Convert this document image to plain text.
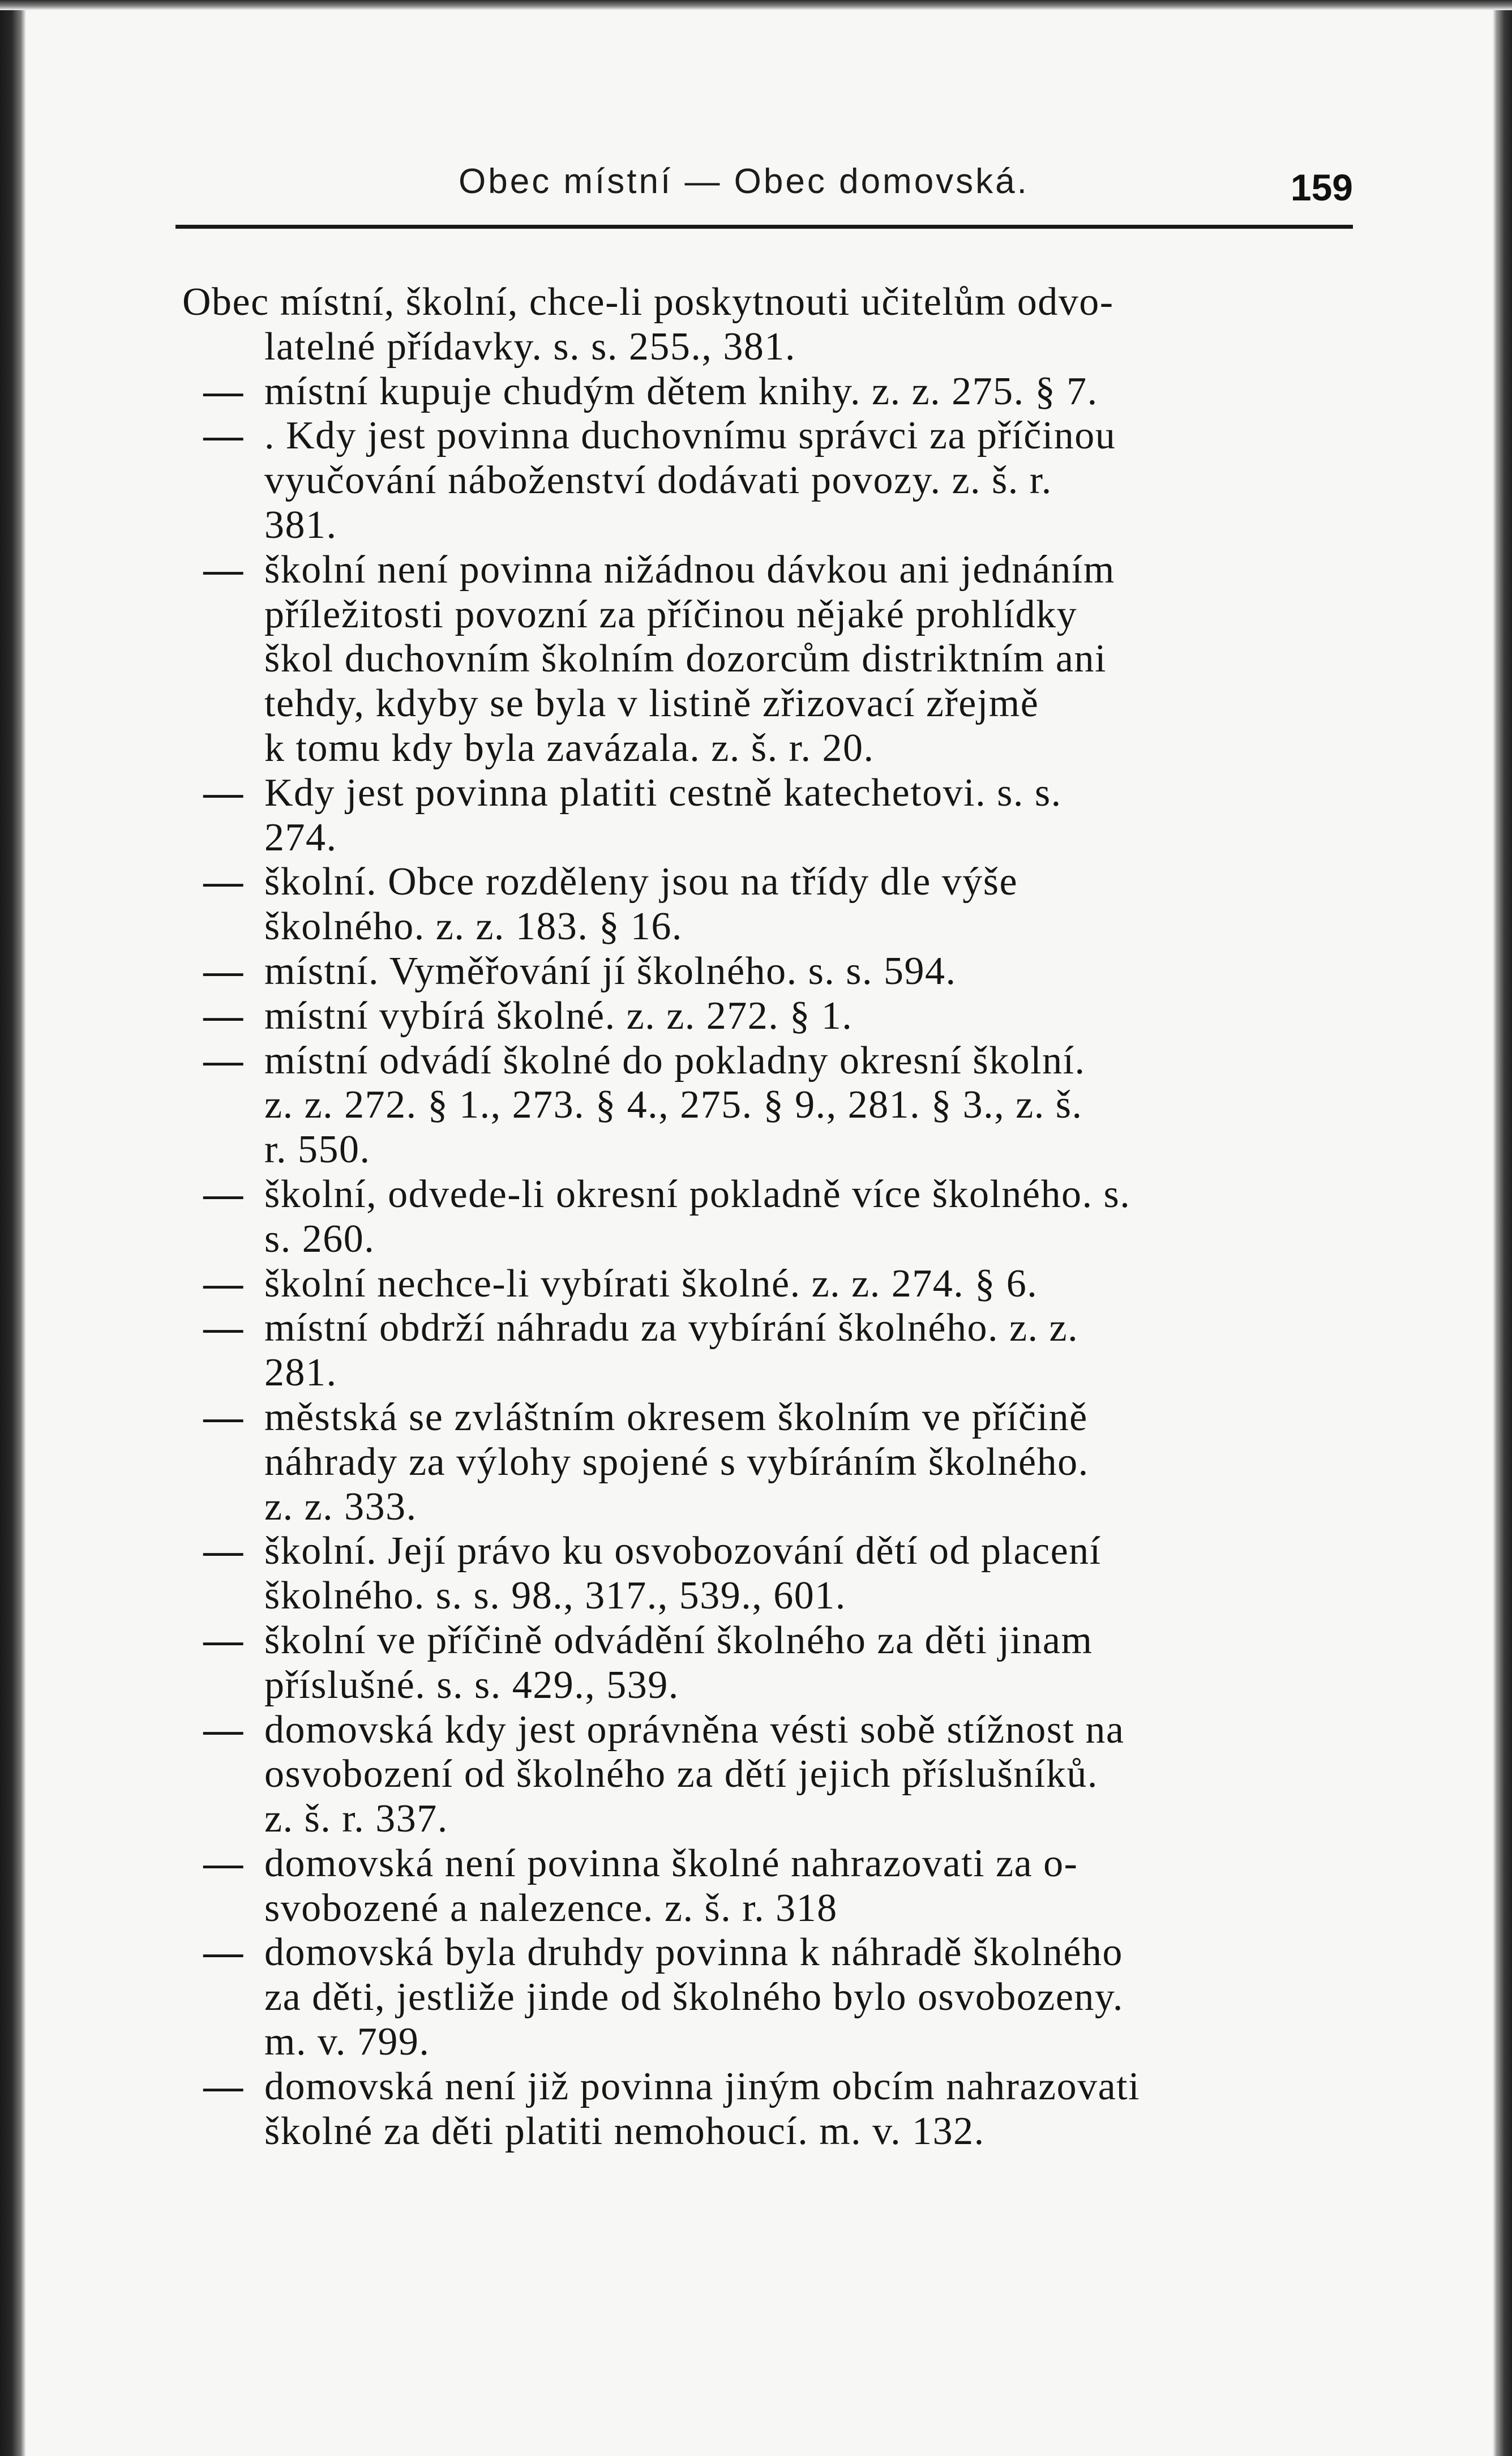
Obec místní — Obec domovská.	159
Obec místní, školní, chce-li poskytnouti učitelům odvo-
latelné přídavky. s. s. 255., 381.
— místní kupuje chudým dětem knihy. z. z. 275. § 7.
— . Kdy jest povinna duchovnímu správci za příčinou
vyučování náboženství dodávati povozy. z. š. r.
381.
— školní není povinna nižádnou dávkou ani jednáním
příležitosti povozní za příčinou nějaké prohlídky
škol duchovním školním dozorcům distriktním ani
tehdy, kdyby se byla v listině zřizovací zřejmě
k tomu kdy byla zavázala. z. š. r. 20.
— Kdy jest povinna platiti cestně katechetovi. s. s.
274.
— školní. Obce rozděleny jsou na třídy dle výše
školného. z. z. 183. § 16.
— místní. Vyměřování jí školného. s. s. 594.
— místní vybírá školné. z. z. 272. § 1.
— místní odvádí školné do pokladny okresní školní.
z. z. 272. § 1., 273. § 4., 275. § 9., 281. § 3., z. š.
r. 550.
— školní, odvede-li okresní pokladně více školného. s.
s. 260.
— školní nechce-li vybírati školné. z. z. 274. § 6.
— místní obdrží náhradu za vybírání školného. z. z.
281.
— městská se zvláštním okresem školním ve příčině
náhrady za výlohy spojené s vybíráním školného.
z. z. 333.
— školní. Její právo ku osvobozování dětí od placení
školného. s. s. 98., 317., 539., 601.
— školní ve příčině odvádění školného za děti jinam
příslušné. s. s. 429., 539.
— domovská kdy jest oprávněna vésti sobě stížnost na
osvobození od školného za dětí jejich příslušníků.
z. š. r. 337.
— domovská není povinna školné nahrazovati za o-
svobozené a nalezence. z. š. r. 318
— domovská byla druhdy povinna k náhradě školného
za děti, jestliže jinde od školného bylo osvobozeny.
m. v. 799.
— domovská není již povinna jiným obcím nahrazovati
školné za děti platiti nemohoucí. m. v. 132.
